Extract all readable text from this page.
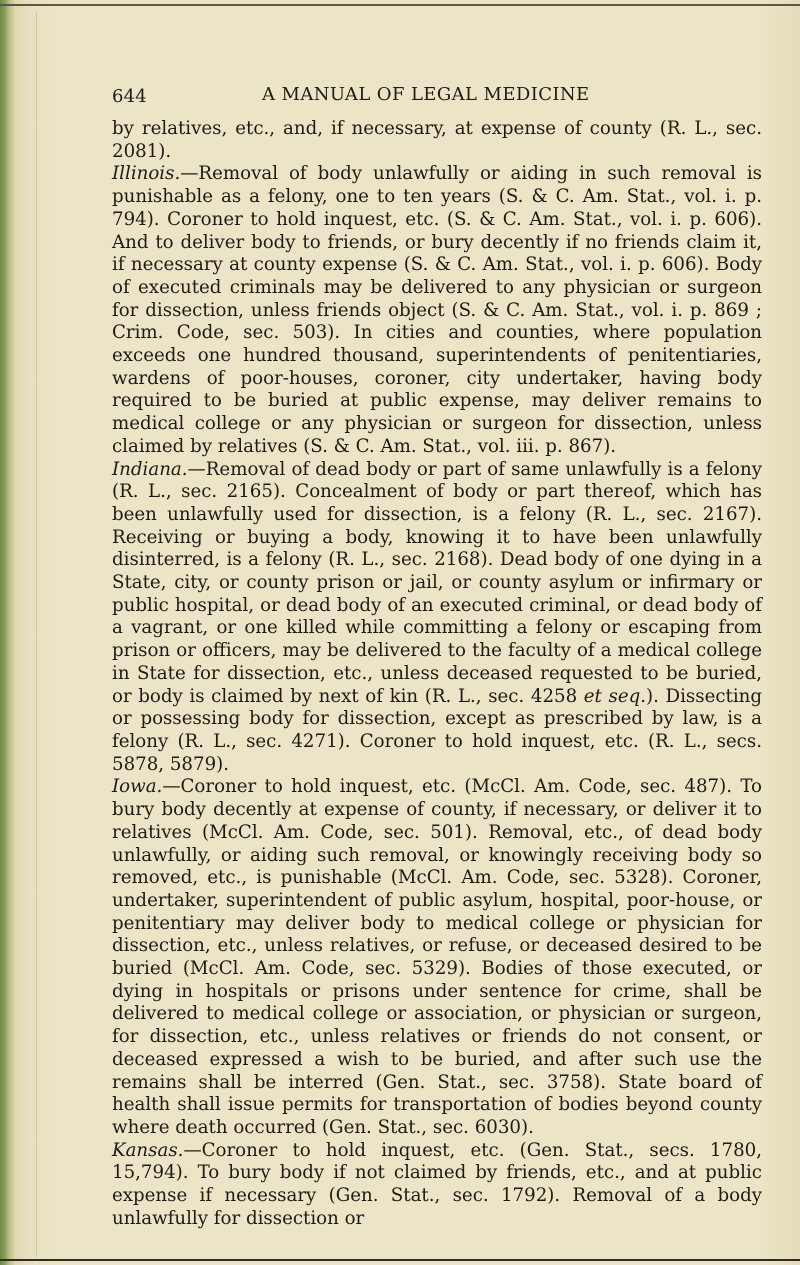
644	A MANUAL OF LEGAL MEDICINE

by relatives, etc., and, if necessary, at expense of county (R. L., sec. 2081).

Illinois.—Removal of body unlawfully or aiding in such removal is punishable as a felony, one to ten years (S. & C. Am. Stat., vol. i. p. 794). Coroner to hold inquest, etc. (S. & C. Am. Stat., vol. i. p. 606). And to deliver body to friends, or bury decently if no friends claim it, if necessary at county expense (S. & C. Am. Stat., vol. i. p. 606). Body of executed criminals may be delivered to any physician or surgeon for dissection, unless friends object (S. & C. Am. Stat., vol. i. p. 869 ; Crim. Code, sec. 503). In cities and counties, where population exceeds one hundred thousand, superintendents of penitentiaries, wardens of poor-houses, coroner, city undertaker, having body required to be buried at public expense, may deliver remains to medical college or any physician or surgeon for dissection, unless claimed by relatives (S. & C. Am. Stat., vol. iii. p. 867).

Indiana.—Removal of dead body or part of same unlawfully is a felony (R. L., sec. 2165). Concealment of body or part thereof, which has been unlawfully used for dissection, is a felony (R. L., sec. 2167). Receiving or buying a body, knowing it to have been unlawfully disinterred, is a felony (R. L., sec. 2168). Dead body of one dying in a State, city, or county prison or jail, or county asylum or infirmary or public hospital, or dead body of an executed criminal, or dead body of a vagrant, or one killed while committing a felony or escaping from prison or officers, may be delivered to the faculty of a medical college in State for dissection, etc., unless deceased requested to be buried, or body is claimed by next of kin (R. L., sec. 4258 et seq.). Dissecting or possessing body for dissection, except as prescribed by law, is a felony (R. L., sec. 4271). Coroner to hold inquest, etc. (R. L., secs. 5878, 5879).

Iowa.—Coroner to hold inquest, etc. (McCl. Am. Code, sec. 487). To bury body decently at expense of county, if necessary, or deliver it to relatives (McCl. Am. Code, sec. 501). Removal, etc., of dead body unlawfully, or aiding such removal, or knowingly receiving body so removed, etc., is punishable (McCl. Am. Code, sec. 5328). Coroner, undertaker, superintendent of public asylum, hospital, poor-house, or penitentiary may deliver body to medical college or physician for dissection, etc., unless relatives, or refuse, or deceased desired to be buried (McCl. Am. Code, sec. 5329). Bodies of those executed, or dying in hospitals or prisons under sentence for crime, shall be delivered to medical college or association, or physician or surgeon, for dissection, etc., unless relatives or friends do not consent, or deceased expressed a wish to be buried, and after such use the remains shall be interred (Gen. Stat., sec. 3758). State board of health shall issue permits for transportation of bodies beyond county where death occurred (Gen. Stat., sec. 6030).

Kansas.—Coroner to hold inquest, etc. (Gen. Stat., secs. 1780, 15,794). To bury body if not claimed by friends, etc., and at public expense if necessary (Gen. Stat., sec. 1792). Removal of a body unlawfully for dissection or
